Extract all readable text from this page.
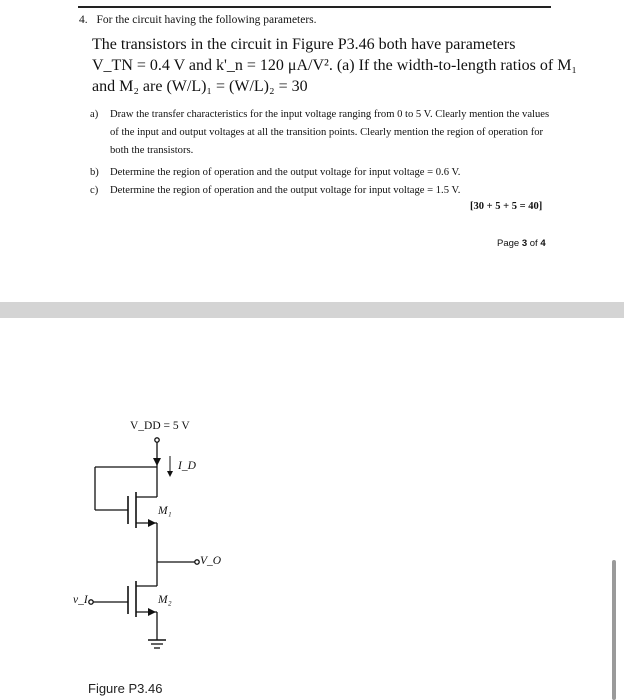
4. For the circuit having the following parameters.
The transistors in the circuit in Figure P3.46 both have parameters
V_TN = 0.4 V and k'_n = 120 μA/V². (a) If the width-to-length ratios of M₁
and M₂ are (W/L)₁ = (W/L)₂ = 30
a)	Draw the transfer characteristics for the input voltage ranging from 0 to 5 V. Clearly mention the values of the input and output voltages at all the transition points. Clearly mention the region of operation for both the transistors.
b)	Determine the region of operation and the output voltage for input voltage = 0.6 V.
c)	Determine the region of operation and the output voltage for input voltage = 1.5 V.
[30 + 5 + 5 = 40]
Page 3 of 4
V_DD = 5 V
I_D
M₁
V_O
M₂
v_I
Figure P3.46
